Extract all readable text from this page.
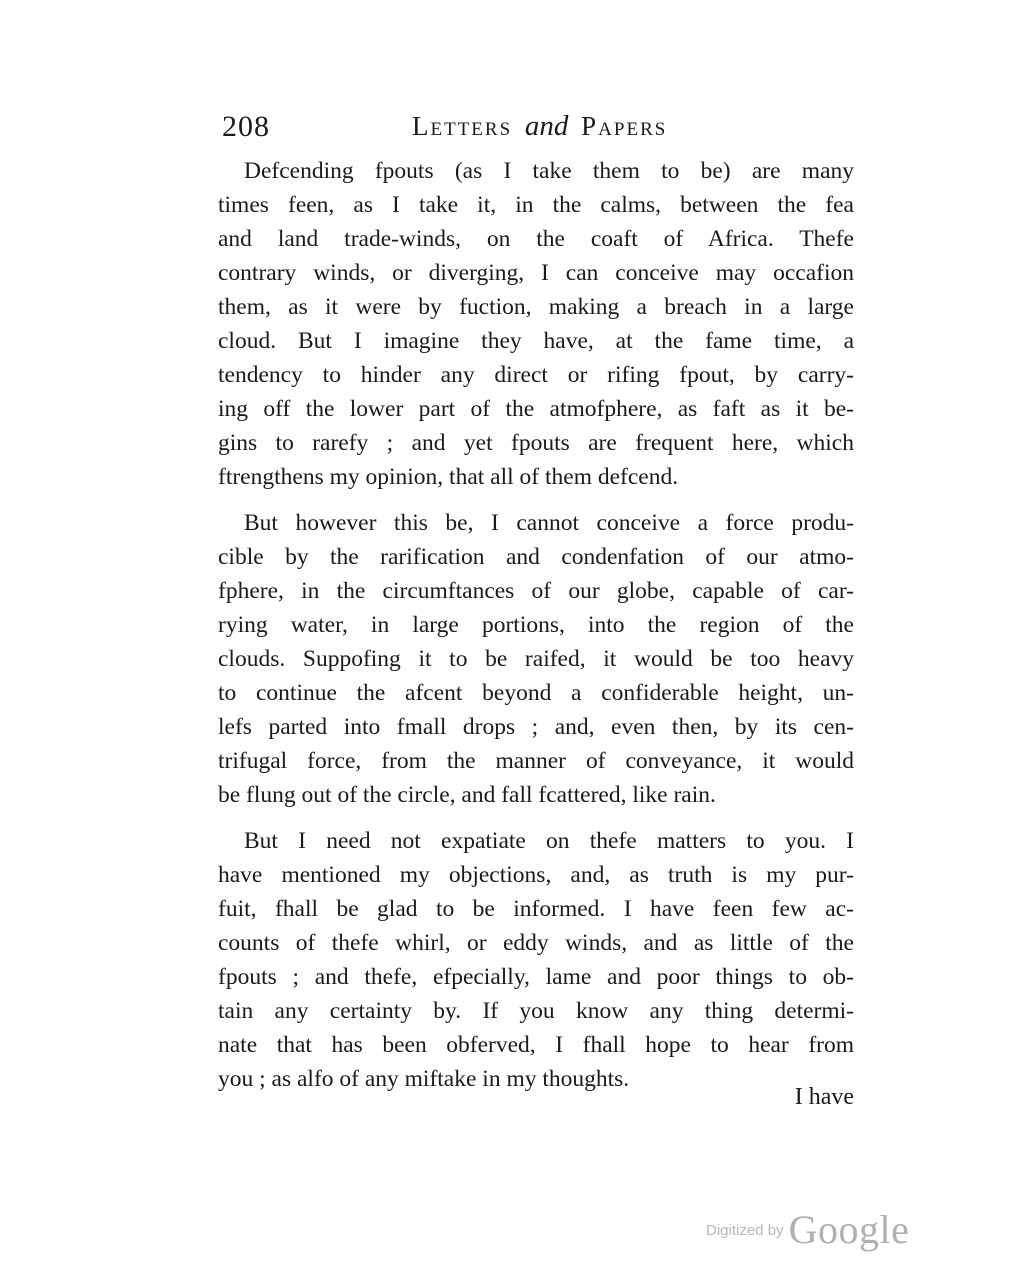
208	Letters and Papers
Defcending fpouts (as I take them to be) are many
times feen, as I take it, in the calms, between the fea
and land trade-winds, on the coaft of Africa. Thefe
contrary winds, or diverging, I can conceive may occafion
them, as it were by fuction, making a breach in a large
cloud. But I imagine they have, at the fame time, a
tendency to hinder any direct or rifing fpout, by carry-
ing off the lower part of the atmofphere, as faft as it be-
gins to rarefy ; and yet fpouts are frequent here, which
ftrengthens my opinion, that all of them defcend.
But however this be, I cannot conceive a force produ-
cible by the rarification and condenfation of our atmo-
fphere, in the circumftances of our globe, capable of car-
rying water, in large portions, into the region of the
clouds. Suppofing it to be raifed, it would be too heavy
to continue the afcent beyond a confiderable height, un-
lefs parted into fmall drops ; and, even then, by its cen-
trifugal force, from the manner of conveyance, it would
be flung out of the circle, and fall fcattered, like rain.
But I need not expatiate on thefe matters to you. I
have mentioned my objections, and, as truth is my pur-
fuit, fhall be glad to be informed. I have feen few ac-
counts of thefe whirl, or eddy winds, and as little of the
fpouts ; and thefe, efpecially, lame and poor things to ob-
tain any certainty by. If you know any thing determi-
nate that has been obferved, I fhall hope to hear from
you ; as alfo of any miftake in my thoughts.
I have
Digitized by Google
